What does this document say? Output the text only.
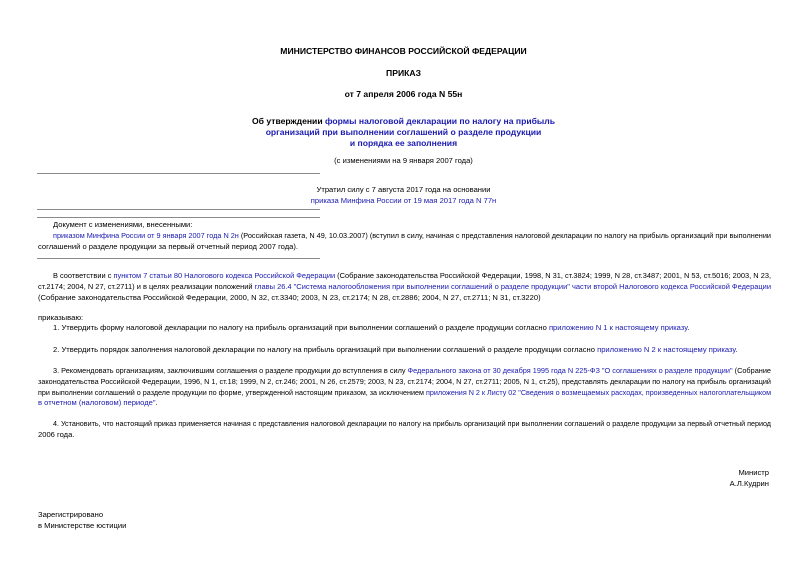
МИНИСТЕРСТВО ФИНАНСОВ РОССИЙСКОЙ ФЕДЕРАЦИИ
ПРИКАЗ
от 7 апреля 2006 года N 55н
Об утверждении формы налоговой декларации по налогу на прибыль
организаций при выполнении соглашений о разделе продукции
и порядка ее заполнения
(с изменениями на 9 января 2007 года)
Утратил силу с 7 августа 2017 года на основании
приказа Минфина России от 19 мая 2017 года N 77н
Документ с изменениями, внесенными:
приказом Минфина России от 9 января 2007 года N 2н (Российская газета, N 49, 10.03.2007) (вступил в силу, начиная с представления налоговой декларации по налогу на прибыль организаций при выполнении
соглашений о разделе продукции за первый отчетный период 2007 года).
В соответствии с пунктом 7 статьи 80 Налогового кодекса Российской Федерации (Собрание законодательства Российской Федерации, 1998, N 31, ст.3824; 1999, N 28, ст.3487; 2001, N 53, ст.5016; 2003, N 23,
ст.2174; 2004, N 27, ст.2711) и в целях реализации положений главы 26.4 "Система налогообложения при выполнении соглашений о разделе продукции" части второй Налогового кодекса Российской Федерации
(Собрание законодательства Российской Федерации, 2000, N 32, ст.3340; 2003, N 23, ст.2174; N 28, ст.2886; 2004, N 27, ст.2711; N 31, ст.3220)
приказываю:
1. Утвердить форму налоговой декларации по налогу на прибыль организаций при выполнении соглашений о разделе продукции согласно приложению N 1 к настоящему приказу.
2. Утвердить порядок заполнения налоговой декларации по налогу на прибыль организаций при выполнении соглашений о разделе продукции согласно приложению N 2 к настоящему приказу.
3. Рекомендовать организациям, заключившим соглашения о разделе продукции до вступления в силу Федерального закона от 30 декабря 1995 года N 225-ФЗ "О соглашениях о разделе продукции" (Собрание
законодательства Российской Федерации, 1996, N 1, ст.18; 1999, N 2, ст.246; 2001, N 26, ст.2579; 2003, N 23, ст.2174; 2004, N 27, ст.2711; 2005, N 1, ст.25), представлять декларации по налогу на прибыль организаций
при выполнении соглашений о разделе продукции по форме, утвержденной настоящим приказом, за исключением приложения N 2 к Листу 02 "Сведения о возмещаемых расходах, произведенных налогоплательщиком
в отчетном (налоговом) периоде".
4. Установить, что настоящий приказ применяется начиная с представления налоговой декларации по налогу на прибыль организаций при выполнении соглашений о разделе продукции за первый отчетный период
2006 года.
Министр
А.Л.Кудрин
Зарегистрировано
в Министерстве юстиции
